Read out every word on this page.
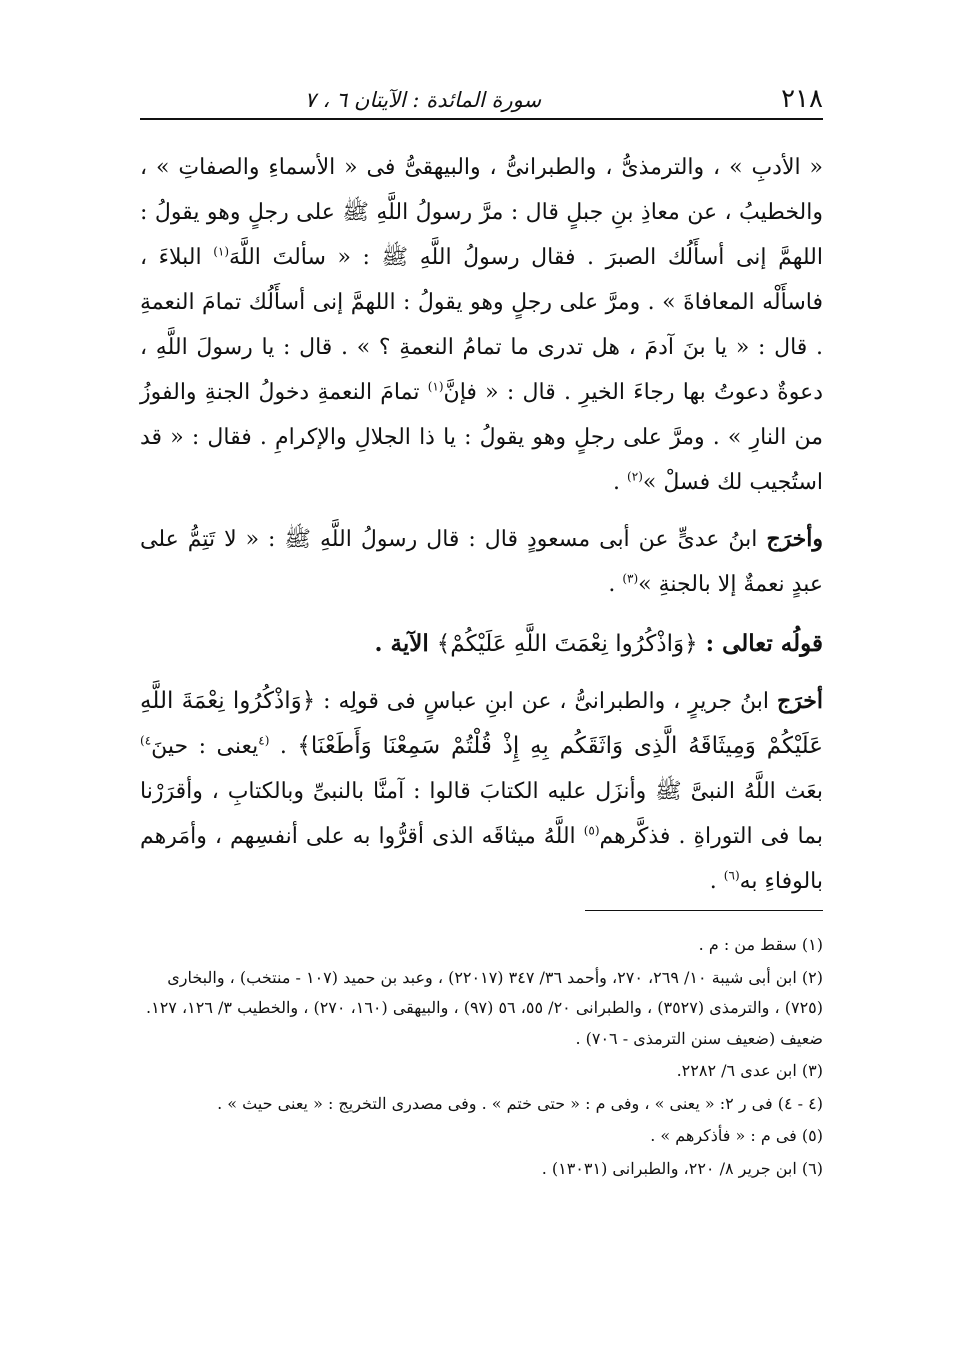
٢١٨
سورة المائدة : الآيتان ٦ ، ٧

« الأدبِ » ، والترمذىُّ ، والطبرانىُّ ، والبيهقىُّ فى « الأسماءِ والصفاتِ » ، والخطيبُ ، عن معاذِ بنِ جبلٍ قال : مرَّ رسولُ اللَّهِ ﷺ على رجلٍ وهو يقولُ : اللهمَّ إنى أسأَلُك الصبرَ . فقال رسولُ اللَّهِ ﷺ : « سألتَ اللَّهَ$^{(١)}$ البلاءَ ، فاسأَلْه المعافاةَ » . ومرَّ على رجلٍ وهو يقولُ : اللهمَّ إنى أسأَلُك تمامَ النعمةِ . قال : « يا بنَ آدمَ ، هل تدرى ما تمامُ النعمةِ ؟ » . قال : يا رسولَ اللَّهِ ، دعوةٌ دعوتُ بها رجاءَ الخيرِ . قال : « فإنَّ$^{(١)}$ تمامَ النعمةِ دخولُ الجنةِ والفوزُ من النارِ » . ومرَّ على رجلٍ وهو يقولُ : يا ذا الجلالِ والإكرامِ . فقال : « قد استُجيب لك فسلْ »$^{(٢)}$ .

وأخرَج ابنُ عدىٍّ عن أبى مسعودٍ قال : قال رسولُ اللَّهِ ﷺ : « لا تَتِمُّ على عبدٍ نعمةٌ إلا بالجنةِ »$^{(٣)}$ .

قولُه تعالى : ﴿وَاذْكُرُوا نِعْمَتَ اللَّهِ عَلَيْكُمْ﴾ الآية .

أخرَج ابنُ جريرٍ ، والطبرانىُّ ، عن ابنِ عباسٍ فى قولِه : ﴿وَاذْكُرُوا نِعْمَةَ اللَّهِ عَلَيْكُمْ وَمِيثَاقَهُ الَّذِى وَاثَقَكُم بِهِ إِذْ قُلْتُمْ سَمِعْنَا وَأَطَعْنَا﴾ . $^{(٤}$يعنى : حينَ$^{٤)}$ بعَث اللَّهُ النبىَّ ﷺ وأنزَل عليه الكتابَ قالوا : آمنَّا بالنبىِّ وبالكتابِ ، وأقرَرْنا بما فى التوراةِ . فذكَّرهم$^{(٥)}$ اللَّهُ ميثاقَه الذى أقرُّوا به على أنفسِهم ، وأمَرهم بالوفاءِ به$^{(٦)}$ .

(١) سقط من : م .

(٢) ابن أبى شيبة ١٠/ ٢٦٩، ٢٧٠، وأحمد ٣٦/ ٣٤٧ (٢٢٠١٧) ، وعبد بن حميد (١٠٧ - منتخب) ، والبخارى (٧٢٥) ، والترمذى (٣٥٢٧) ، والطبرانى ٢٠/ ٥٥، ٥٦ (٩٧) ، والبيهقى (١٦٠، ٢٧٠) ، والخطيب ٣/ ١٢٦، ١٢٧. ضعيف (ضعيف سنن الترمذى - ٧٠٦) .

(٣) ابن عدى ٦/ ٢٢٨٢.

(٤ - ٤) فى ر ٢: « يعنى » ، وفى م : « حتى ختم » . وفى مصدرى التخريج : « يعنى حيث » .

(٥) فى م : « فأذكرهم » .

(٦) ابن جرير ٨/ ٢٢٠، والطبرانى (١٣٠٣١) .
